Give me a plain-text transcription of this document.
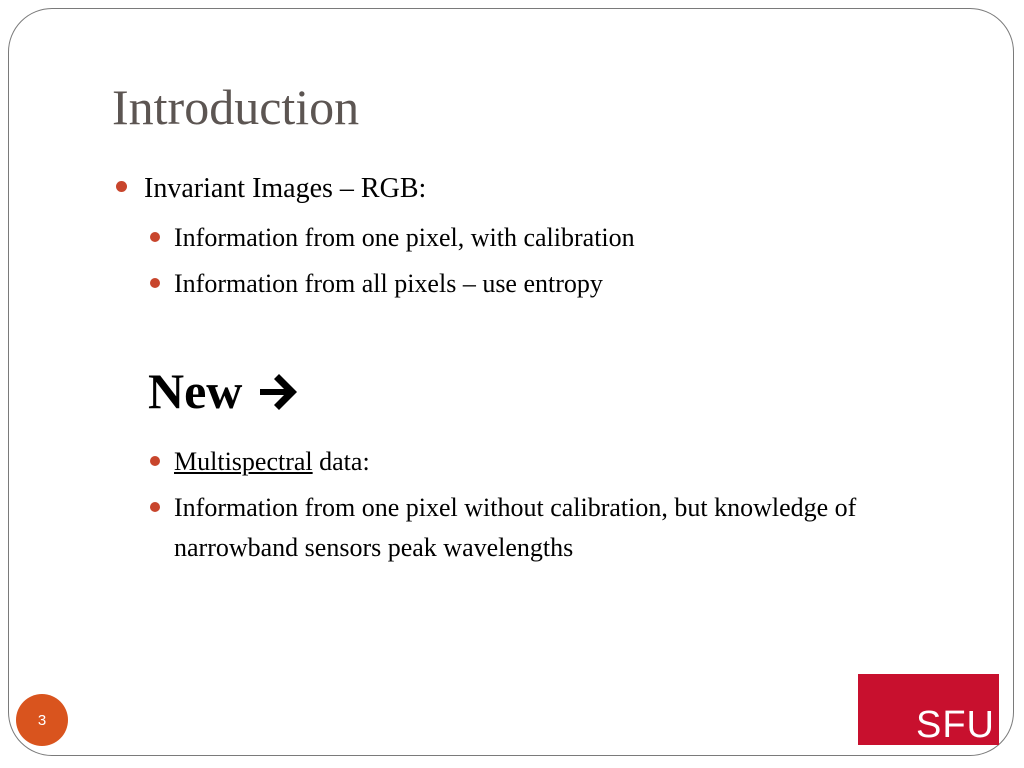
Introduction
Invariant Images – RGB:
Information from one pixel, with calibration
Information from all pixels – use entropy
New
Multispectral data:
Information from one pixel without calibration, but knowledge of narrowband sensors peak wavelengths
3	SFU
